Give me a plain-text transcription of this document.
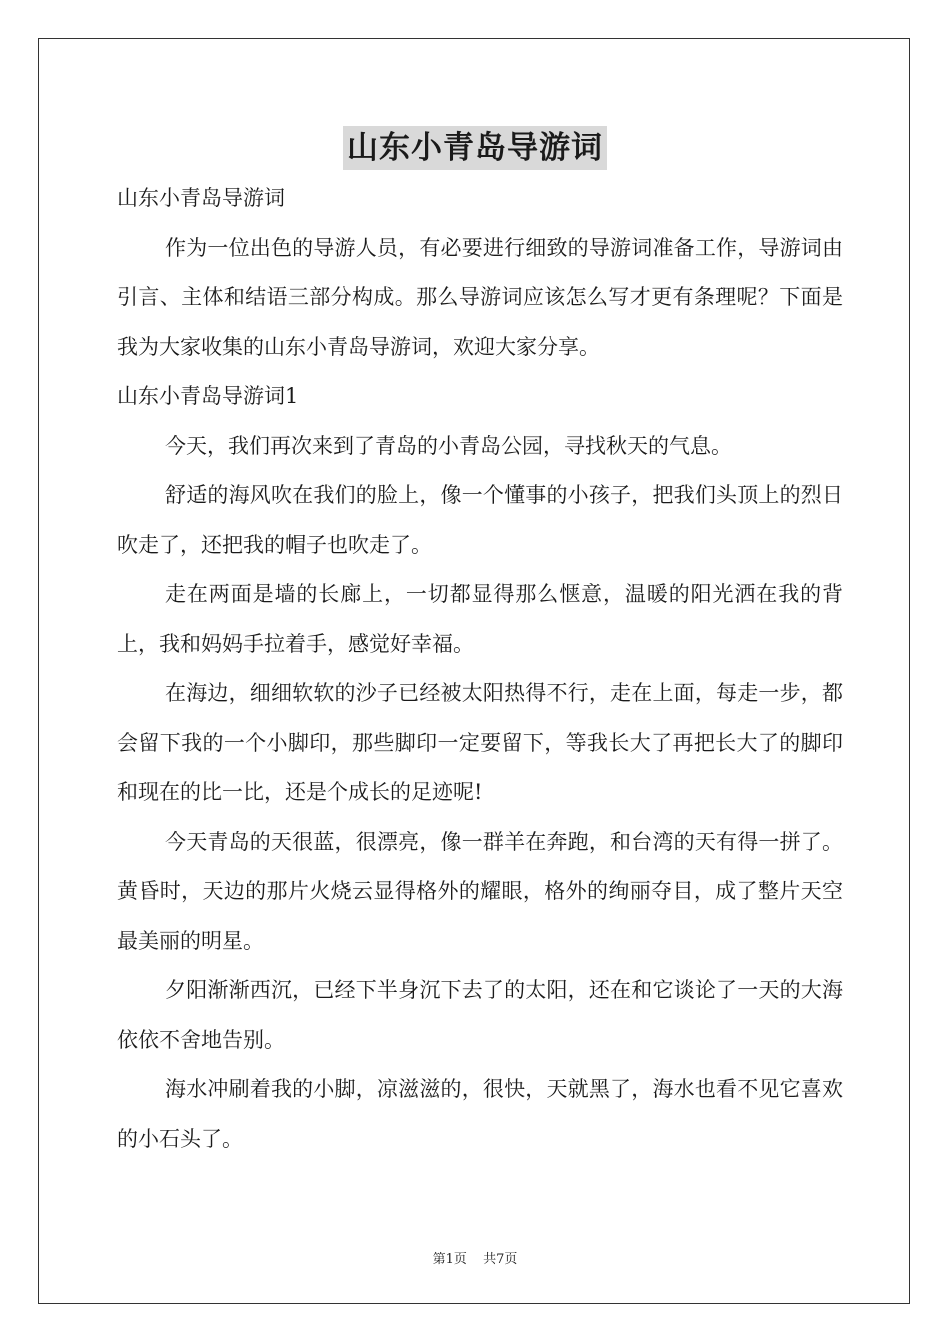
山东小青岛导游词

山东小青岛导游词

作为一位出色的导游人员，有必要进行细致的导游词准备工作，导游词由引言、主体和结语三部分构成。那么导游词应该怎么写才更有条理呢？下面是我为大家收集的山东小青岛导游词，欢迎大家分享。

山东小青岛导游词1

今天，我们再次来到了青岛的小青岛公园，寻找秋天的气息。

舒适的海风吹在我们的脸上，像一个懂事的小孩子，把我们头顶上的烈日吹走了，还把我的帽子也吹走了。

走在两面是墙的长廊上，一切都显得那么惬意，温暖的阳光洒在我的背上，我和妈妈手拉着手，感觉好幸福。

在海边，细细软软的沙子已经被太阳热得不行，走在上面，每走一步，都会留下我的一个小脚印，那些脚印一定要留下，等我长大了再把长大了的脚印和现在的比一比，还是个成长的足迹呢!

今天青岛的天很蓝，很漂亮，像一群羊在奔跑，和台湾的天有得一拼了。黄昏时，天边的那片火烧云显得格外的耀眼，格外的绚丽夺目，成了整片天空最美丽的明星。

夕阳渐渐西沉，已经下半身沉下去了的太阳，还在和它谈论了一天的大海依依不舍地告别。

海水冲刷着我的小脚，凉滋滋的，很快，天就黑了，海水也看不见它喜欢的小石头了。

第1页 共7页
